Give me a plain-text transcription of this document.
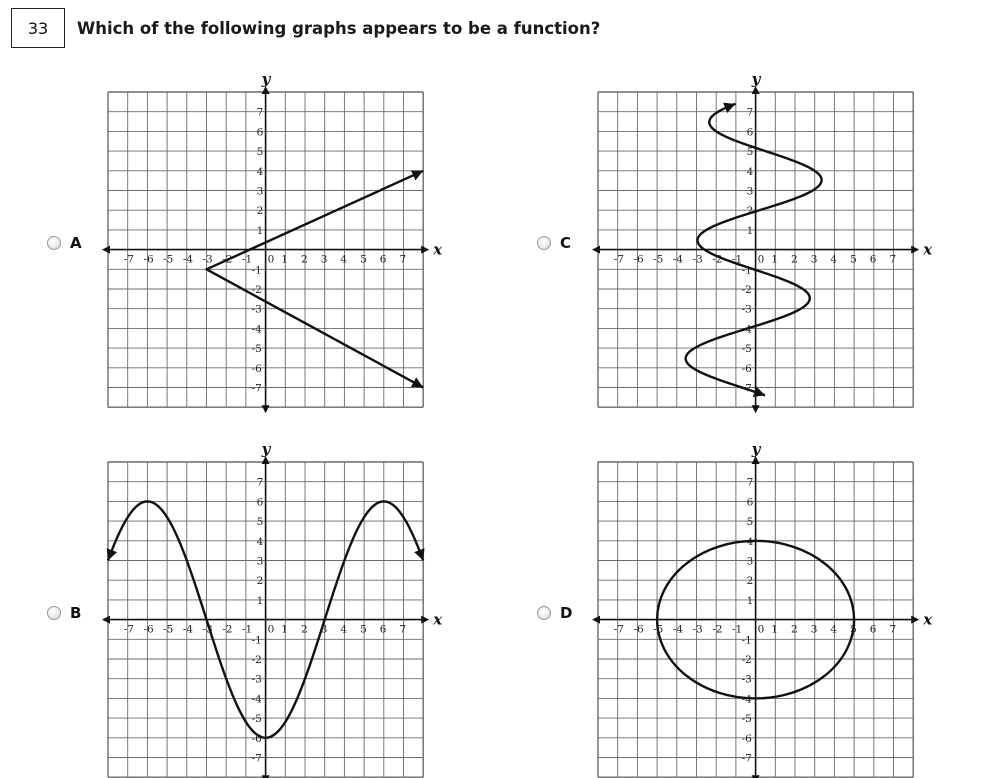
33	Which of the following graphs appears to be a function?
A	C
B	D
x
y
-7 -6 -5 -4 -3 -2 -1 0 1 2 3 4 5 6 7
7
6
5
4
3
2
1
-1
-2
-3
-4
-5
-6
-7
x
y
-7 -6 -5 -4 -3 -2 -1 0 1 2 3 4 5 6 7
7
6
5
4
3
2
1
-1
-2
-3
-4
-5
-6
-7
x
y
-7 -6 -5 -4 -3 -2 -1 0 1 2 3 4 5 6 7
7
6
5
4
3
2
1
-1
-2
-3
-4
-5
-6
-7
x
y
-7 -6 -5 -4 -3 -2 -1 0 1 2 3 4 5 6 7
7
6
5
4
3
2
1
-1
-2
-3
-4
-5
-6
-7
